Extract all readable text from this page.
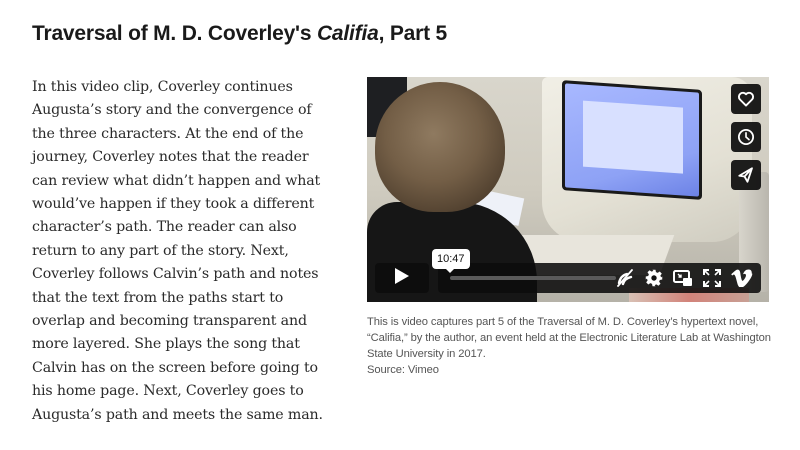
Traversal of M. D. Coverley's Califia, Part 5

In this video clip, Coverley continues Augusta’s story and the convergence of the three characters. At the end of the journey, Coverley notes that the reader can review what didn’t happen and what would’ve happen if they took a different character’s path. The reader can also return to any part of the story. Next, Coverley follows Calvin’s path and notes that the text from the paths start to overlap and becoming transparent and more layered. She plays the song that Calvin has on the screen before going to his home page. Next, Coverley goes to Augusta’s path and meets the same man.

10:47

This is video captures part 5 of the Traversal of M. D. Coverley’s hypertext novel, “Califia,” by the author, an event held at the Electronic Literature Lab at Washington State University in 2017.
Source: Vimeo
